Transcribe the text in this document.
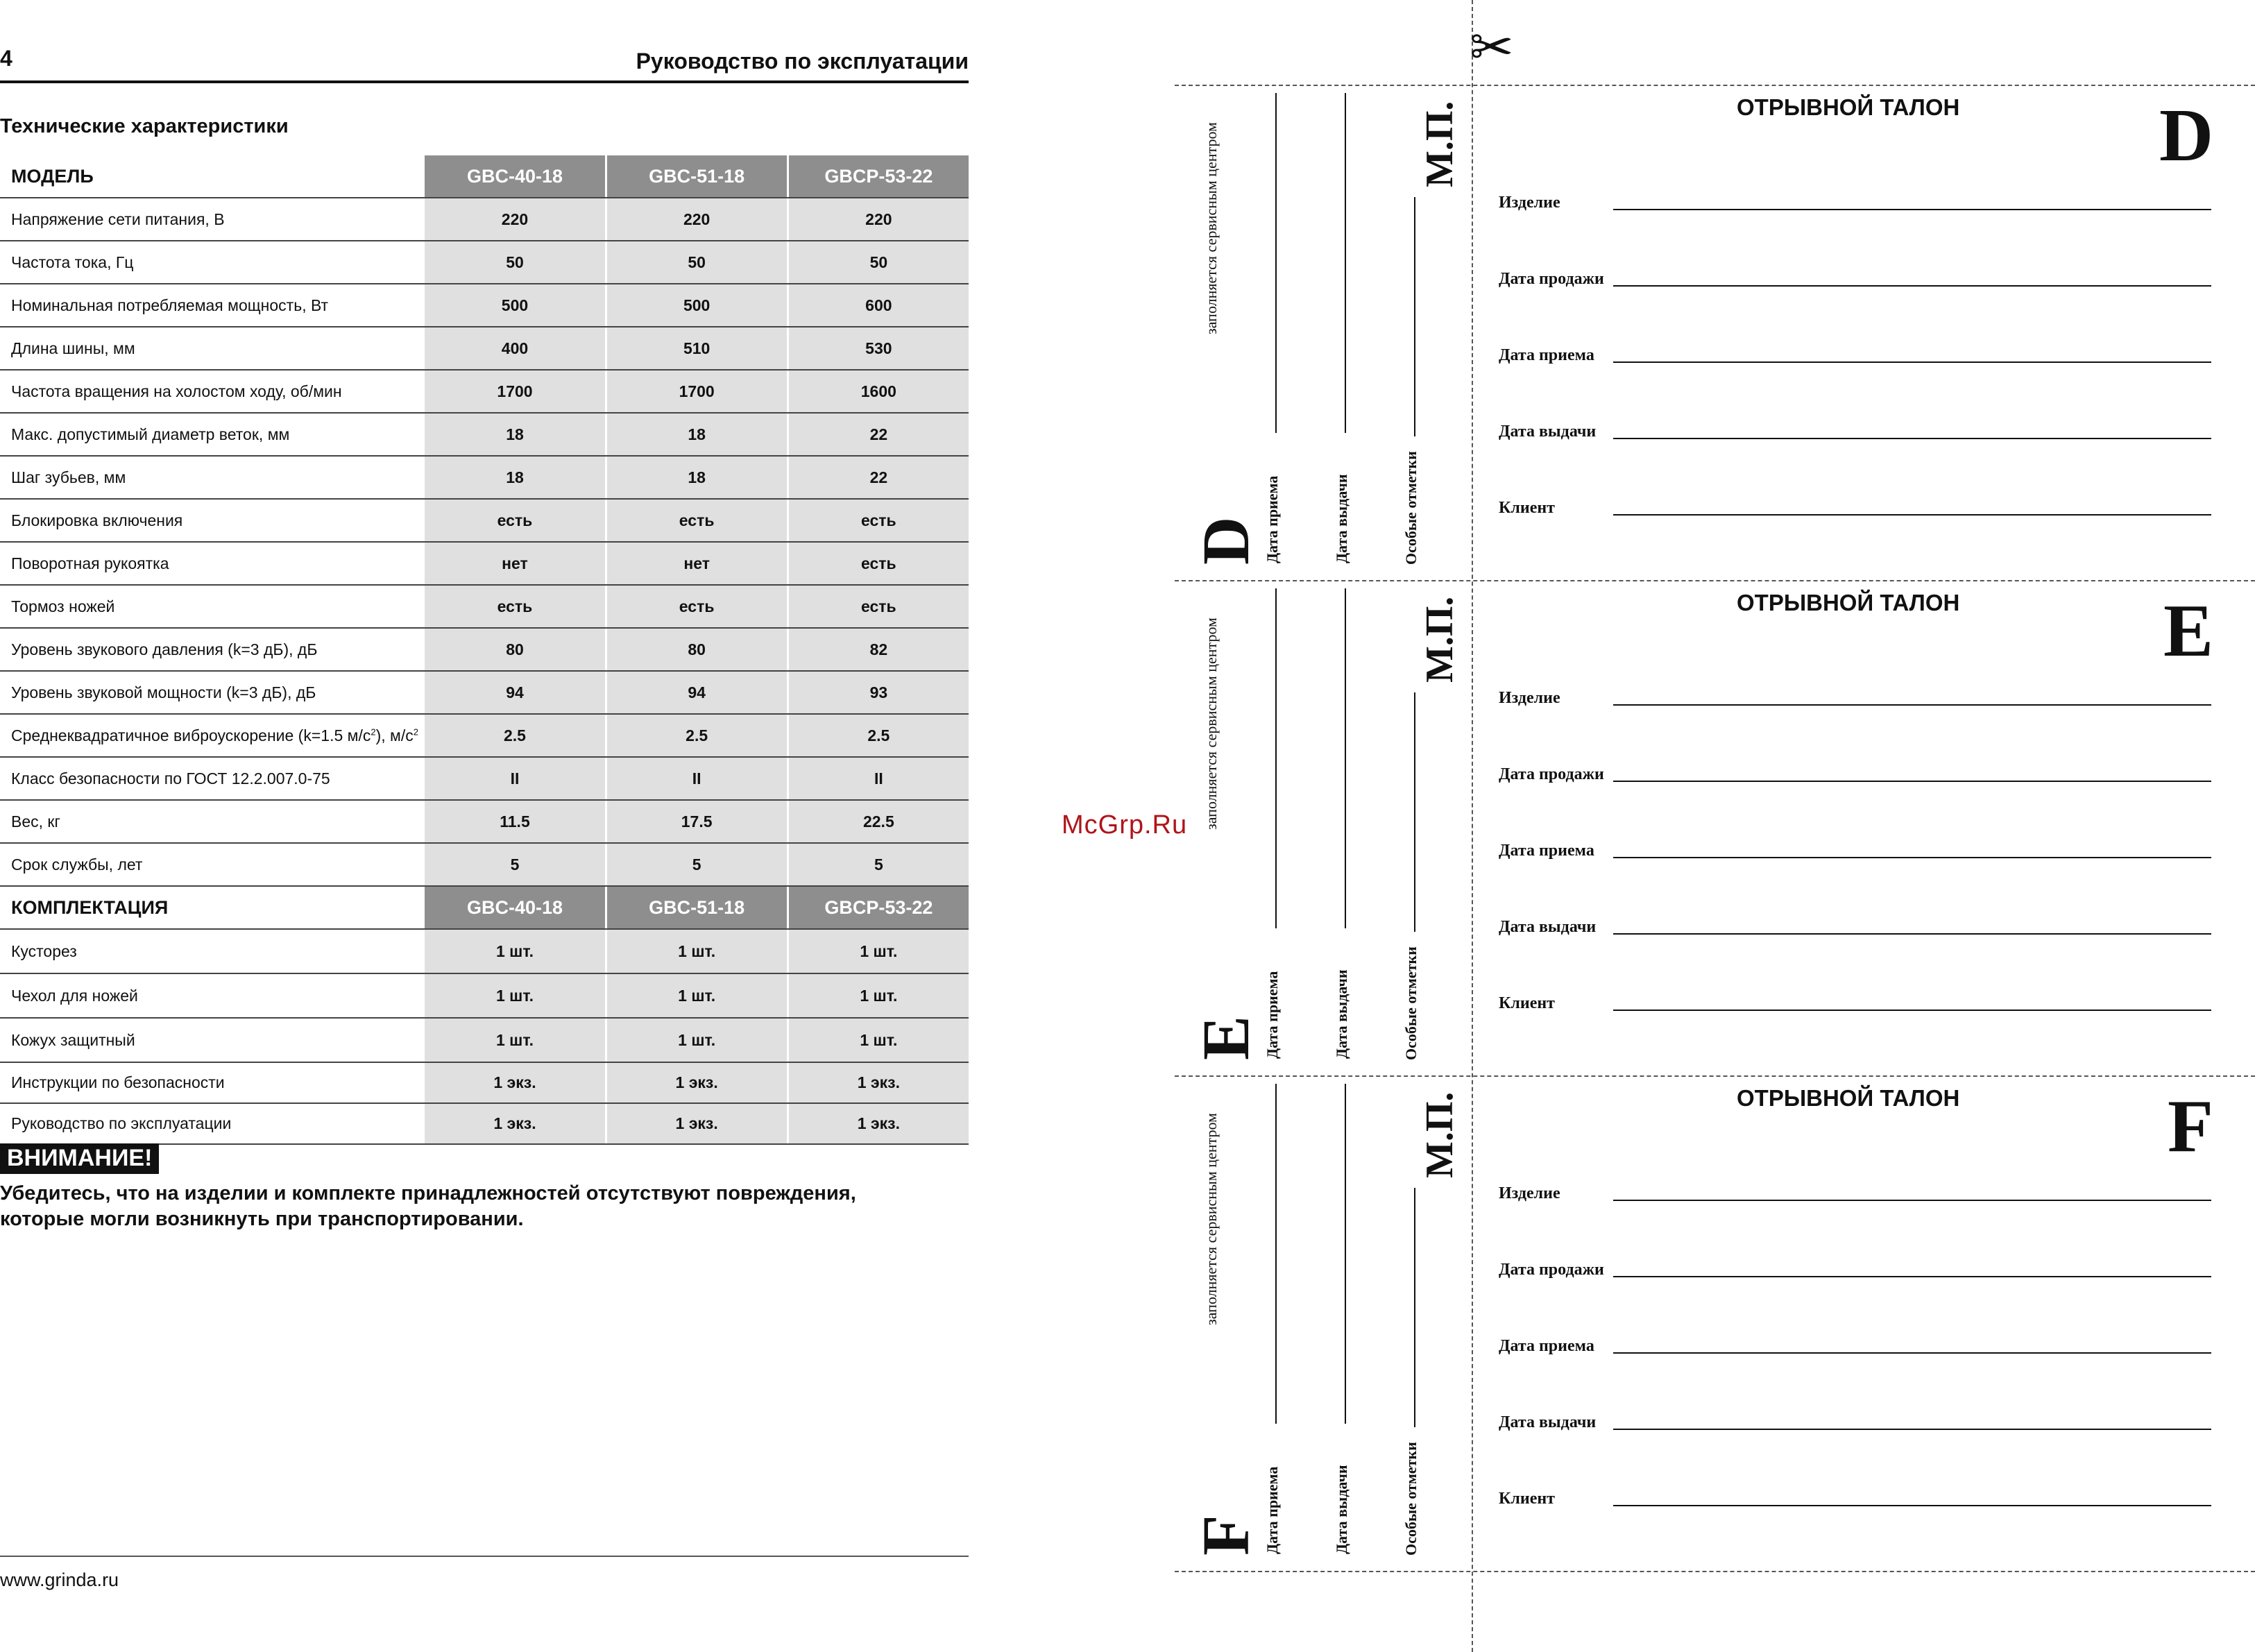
4	Руководство по эксплуатации
Технические характеристики
МОДЕЛЬ	GBC-40-18		GBC-51-18		GBCP-53-22
Напряжение сети питания, В	220		220		220
Частота тока, Гц	50		50		50
Номинальная потребляемая мощность, Вт	500		500		600
Длина шины, мм	400		510		530
Частота вращения на холостом ходу, об/мин	1700		1700		1600
Макс. допустимый диаметр веток, мм	18		18		22
Шаг зубьев, мм	18		18		22
Блокировка включения	есть		есть		есть
Поворотная рукоятка	нет		нет		есть
Тормоз ножей	есть		есть		есть
Уровень звукового давления (k=3 дБ), дБ	80		80		82
Уровень звуковой мощности (k=3 дБ), дБ	94		94		93
Среднеквадратичное виброускорение (k=1.5 $м/с^2$), $м/с^2$	2.5		2.5		2.5
Класс безопасности по ГОСТ 12.2.007.0-75	II		II		II
Вес, кг	11.5		17.5		22.5
Срок службы, лет	5		5		5
КОМПЛЕКТАЦИЯ	GBC-40-18		GBC-51-18		GBCP-53-22
Кусторез	1 шт.		1 шт.		1 шт.
Чехол для ножей	1 шт.		1 шт.		1 шт.
Кожух защитный	1 шт.		1 шт.		1 шт.
Инструкции по безопасности	1 экз.		1 экз.		1 экз.
Руководство по эксплуатации	1 экз.		1 экз.		1 экз.
ВНИМАНИЕ!
Убедитесь, что на изделии и комплекте принадлежностей отсутствуют повреждения,
которые могли возникнуть при транспортировании.
www.grinda.ru
✂
D
заполняется сервисным центром
Дата приема	Дата выдачи	Особые отметки
М.П.	ОТРЫВНОЙ ТАЛОН	D
Изделие
Дата продажи
Дата приема
Дата выдачи
Клиент
E
заполняется сервисным центром
Дата приема	Дата выдачи	Особые отметки
М.П.	ОТРЫВНОЙ ТАЛОН	E
Изделие
Дата продажи
Дата приема
Дата выдачи
Клиент
F
заполняется сервисным центром
Дата приема	Дата выдачи	Особые отметки
М.П.	ОТРЫВНОЙ ТАЛОН	F
Изделие
Дата продажи
Дата приема
Дата выдачи
Клиент
McGrp.Ru
